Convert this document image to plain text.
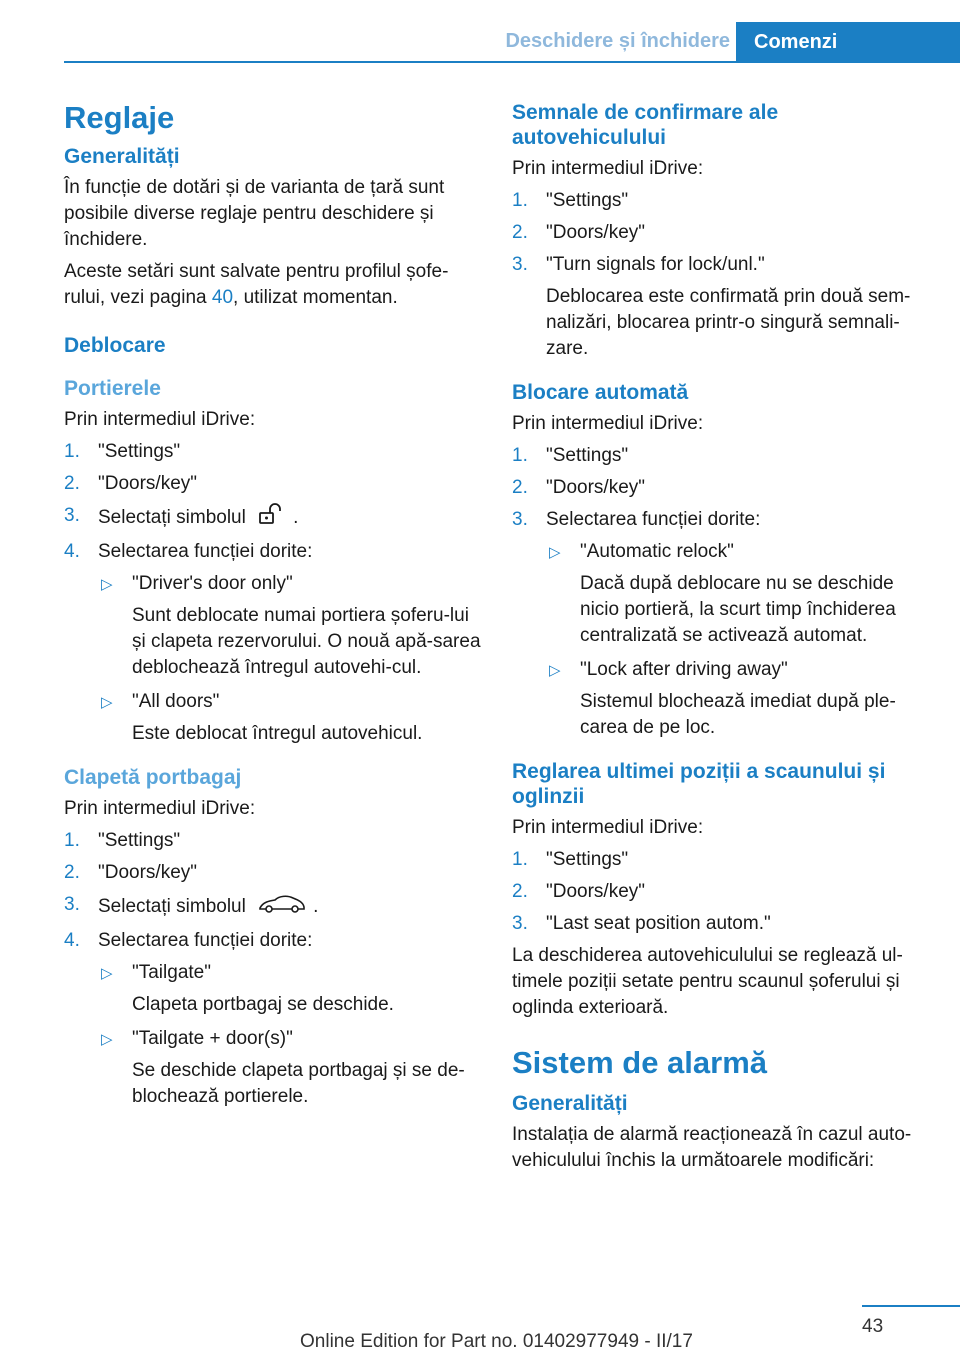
Deschidere și închidere	Comenzi
Reglaje
Generalități

În funcție de dotări și de varianta de țară sunt posibile diverse reglaje pentru deschidere și închidere.

Aceste setări sunt salvate pentru profilul șofe-rului, vezi pagina 40, utilizat momentan.

Deblocare
Portierele

Prin intermediul iDrive:

1. "Settings"
2. "Doors/key"
3. Selectați simbolul .
4. Selectarea funcției dorite:
▷ "Driver's door only"
Sunt deblocate numai portiera șoferu-lui și clapeta rezervorului. O nouă apă-sarea deblochează întregul autovehi-cul.
▷ "All doors"
Este deblocat întregul autovehicul.
Clapetă portbagaj

Prin intermediul iDrive:

1. "Settings"
2. "Doors/key"
3. Selectați simbolul	.
4. Selectarea funcției dorite:
▷ "Tailgate"
Clapeta portbagaj se deschide.
▷ "Tailgate + door(s)"
Se deschide clapeta portbagaj și se de-blochează portierele.
Semnale de confirmare ale autovehiculului

Prin intermediul iDrive:

1. "Settings"
2. "Doors/key"
3. "Turn signals for lock/unl."
Deblocarea este confirmată prin două sem-nalizări, blocarea printr-o singură semnali-zare.
Blocare automată

Prin intermediul iDrive:

1. "Settings"
2. "Doors/key"
3. Selectarea funcției dorite:
▷ "Automatic relock"
Dacă după deblocare nu se deschide nicio portieră, la scurt timp închiderea centralizată se activează automat.
▷ "Lock after driving away"
Sistemul blochează imediat după ple-carea de pe loc.
Reglarea ultimei poziții a scaunului și oglinzii

Prin intermediul iDrive:

1. "Settings"
2. "Doors/key"
3. "Last seat position autom."

La deschiderea autovehiculului se reglează ul-timele poziții setate pentru scaunul șoferului și oglinda exterioară.

Sistem de alarmă
Generalități

Instalația de alarmă reacționează în cazul auto-vehiculului închis la următoarele modificări:

43
Online Edition for Part no. 01402977949 - II/17
